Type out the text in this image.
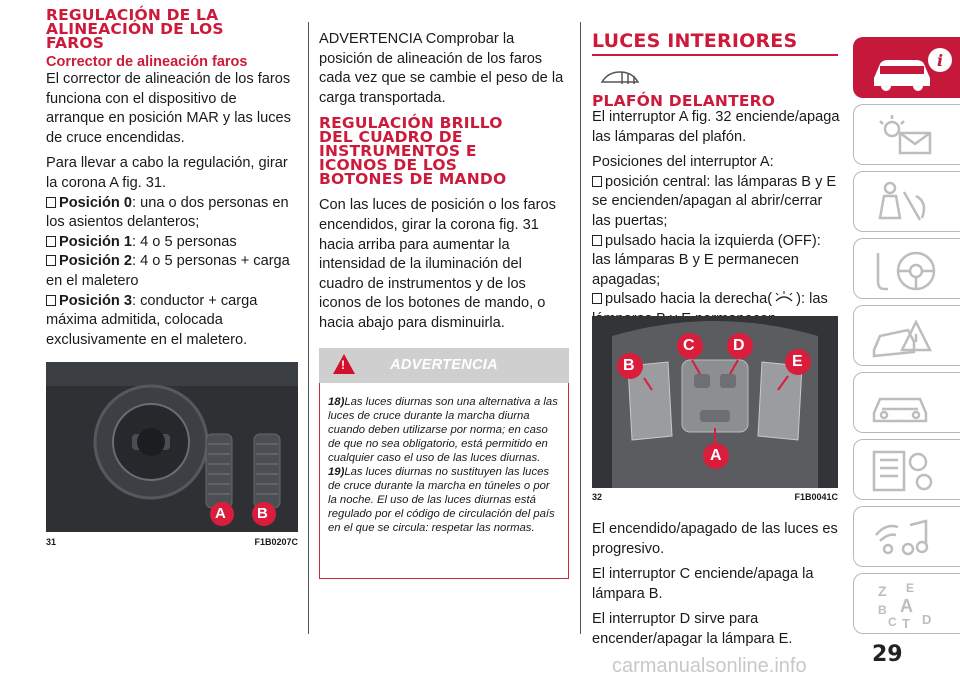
REGULACIÓN DE LA ALINEACIÓN DE LOS FAROS
Corrector de alineación faros

El corrector de alineación de los faros funciona con el dispositivo de arranque en posición MAR y las luces de cruce encendidas.

Para llevar a cabo la regulación, girar la corona A fig. 31.

Posición 0: una o dos personas en los asientos delanteros;
Posición 1: 4 o 5 personas
Posición 2: 4 o 5 personas + carga en el maletero
Posición 3: conductor + carga máxima admitida, colocada exclusivamente en el maletero.
A B
31	F1B0207C

ADVERTENCIA Comprobar la posición de alineación de los faros cada vez que se cambie el peso de la carga transportada.

REGULACIÓN BRILLO DEL CUADRO DE INSTRUMENTOS E ICONOS DE LOS BOTONES DE MANDO

Con las luces de posición o los faros encendidos, girar la corona fig. 31 hacia arriba para aumentar la intensidad de la iluminación del cuadro de instrumentos y de los iconos de los botones de mando, o hacia abajo para disminuirla.

!	ADVERTENCIA

18)Las luces diurnas son una alternativa a las luces de cruce durante la marcha diurna cuando deben utilizarse por norma; en caso de que no sea obligatorio, está permitido en cualquier caso el uso de las luces diurnas.

19)Las luces diurnas no sustituyen las luces de cruce durante la marcha en túneles o por la noche. El uso de las luces diurnas está regulado por el código de circulación del país en el que se circula: respetar las normas.

LUCES INTERIORES
PLAFÓN DELANTERO

El interruptor A fig. 32 enciende/apaga las lámparas del plafón.

Posiciones del interruptor A:

posición central: las lámparas B y E se encienden/apagan al abrir/cerrar las puertas;
pulsado hacia la izquierda (OFF): las lámparas B y E permanecen apagadas;
pulsado hacia la derecha( ): las
B
C D
E
A
32	F1B0041C

El encendido/apagado de las luces es progresivo.

El interruptor C enciende/apaga la lámpara B.

El interruptor D sirve para encender/apagar la lámpara E.

i
Z E
A
B
C T D
29
carmanualsonline.info
